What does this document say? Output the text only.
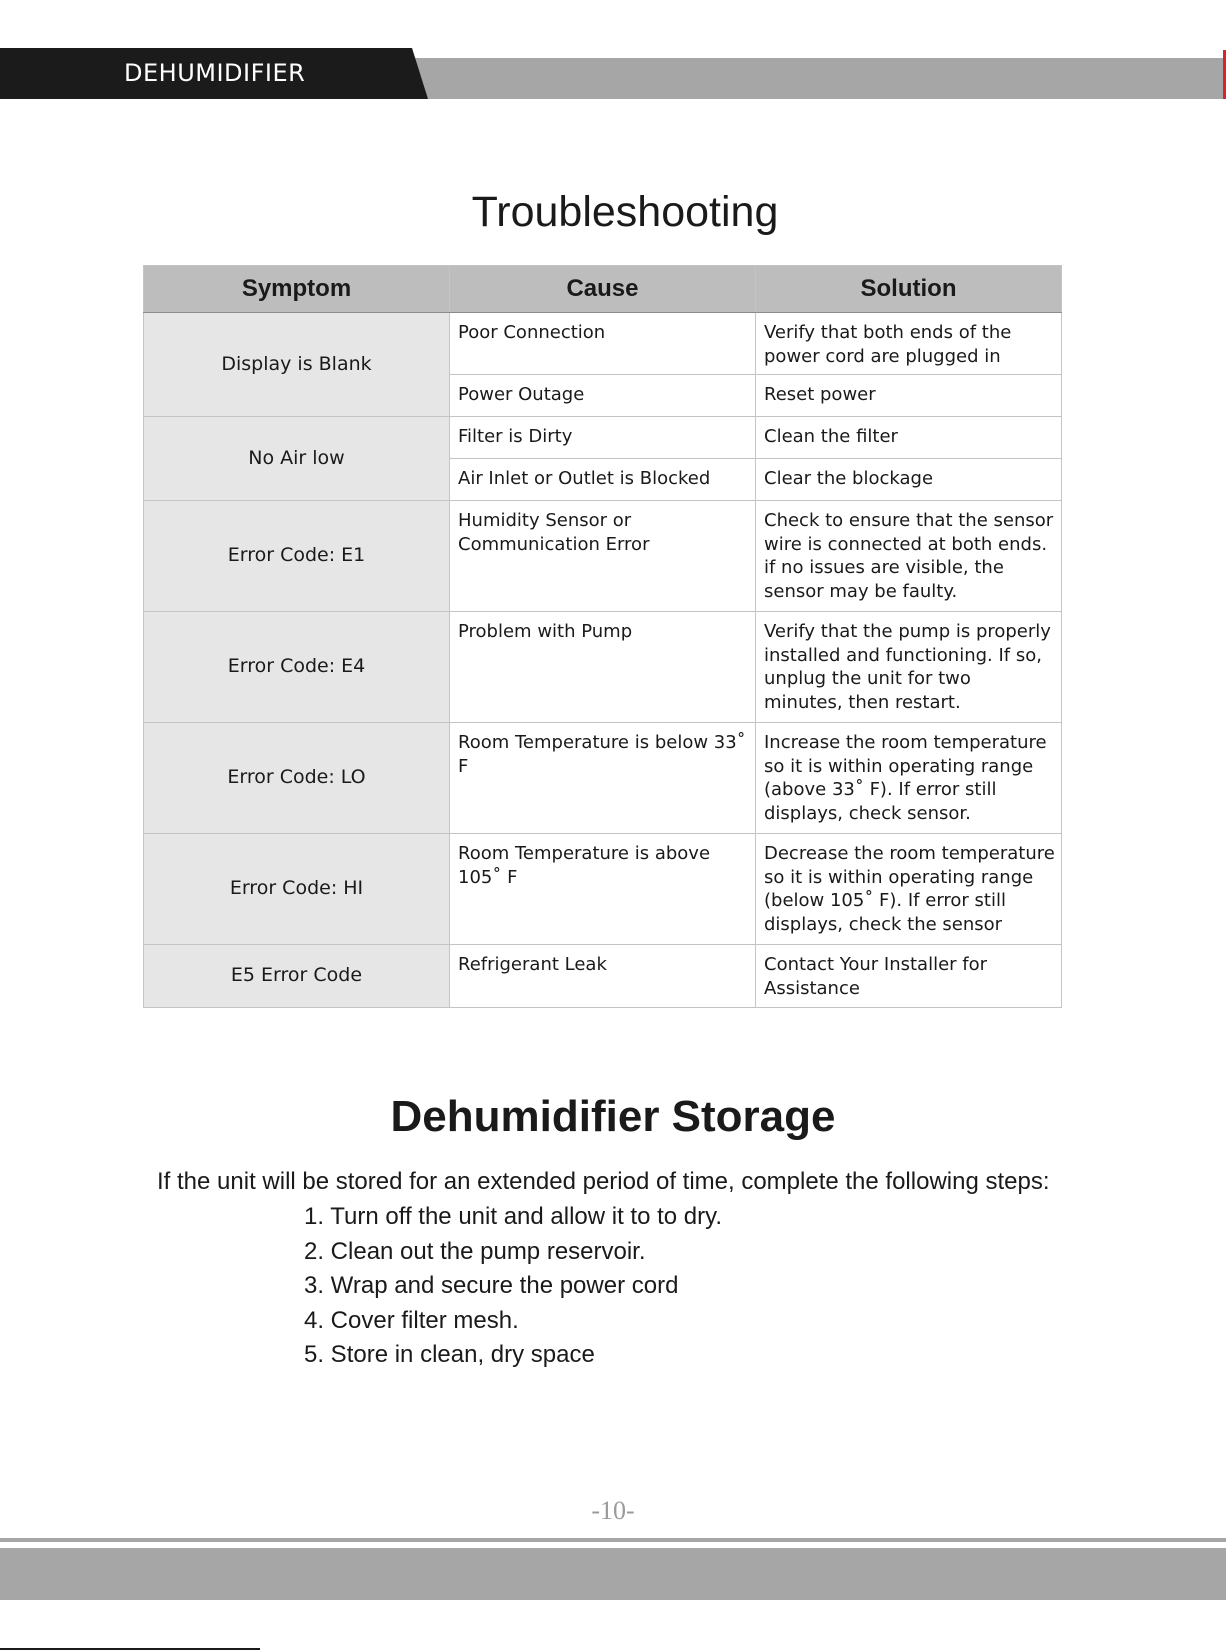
DEHUMIDIFIER
Troubleshooting
Symptom	Cause	Solution
Display is Blank	Poor Connection	Verify that both ends of the power cord are plugged in
	Power Outage	Reset power
No Air low	Filter is Dirty	Clean the filter
	Air Inlet or Outlet is Blocked	Clear the blockage
Error Code: E1	Humidity Sensor or Communication Error	Check to ensure that the sensor wire is connected at both ends. if no issues are visible, the sensor may be faulty.
Error Code: E4	Problem with Pump	Verify that the pump is properly installed and functioning. If so, unplug the unit for two minutes, then restart.
Error Code: LO	Room Temperature is below 33˚ F	Increase the room temperature so it is within operating range (above 33˚ F). If error still displays, check sensor.
Error Code: HI	Room Temperature is above 105˚ F	Decrease the room temperature so it is within operating range (below 105˚ F). If error still displays, check the sensor
E5 Error Code	Refrigerant Leak	Contact Your Installer for Assistance
Dehumidifier Storage
If the unit will be stored for an extended period of time, complete the following steps:
1. Turn off the unit and allow it to to dry.
2. Clean out the pump reservoir.
3. Wrap and secure the power cord
4. Cover filter mesh.
5. Store in clean, dry space
-10-
